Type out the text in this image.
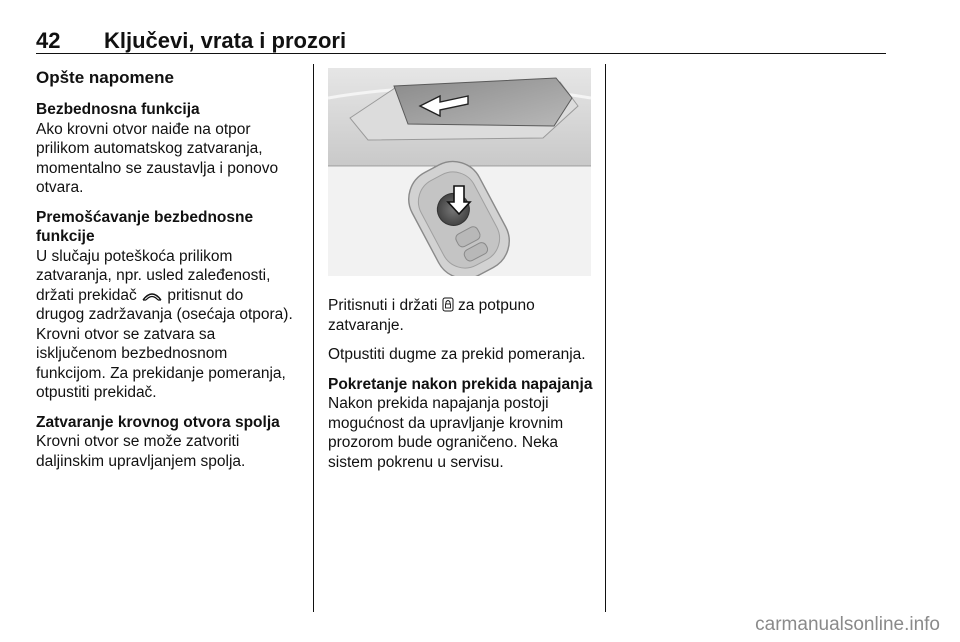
42 Ključevi, vrata i prozori
Opšte napomene
Bezbednosna funkcija

Ako krovni otvor naiđe na otpor
prilikom automatskog zatvaranja,
momentalno se zaustavlja i ponovo
otvara.

Premošćavanje bezbednosne
funkcije

U slučaju poteškoća prilikom
zatvaranja, npr. usled zaleđenosti,
držati prekidač  pritisnut do
drugog zadržavanja (osećaja otpora).
Krovni otvor se zatvara sa
isključenom bezbednosnom
funkcijom. Za prekidanje pomeranja,
otpustiti prekidač.

Zatvaranje krovnog otvora spolja

Krovni otvor se može zatvoriti
daljinskim upravljanjem spolja.

Pritisnuti i držati  za potpuno
zatvaranje.

Otpustiti dugme za prekid pomeranja.

Pokretanje nakon prekida napajanja

Nakon prekida napajanja postoji
mogućnost da upravljanje krovnim
prozorom bude ograničeno. Neka
sistem pokrenu u servisu.

carmanualsonline.info
